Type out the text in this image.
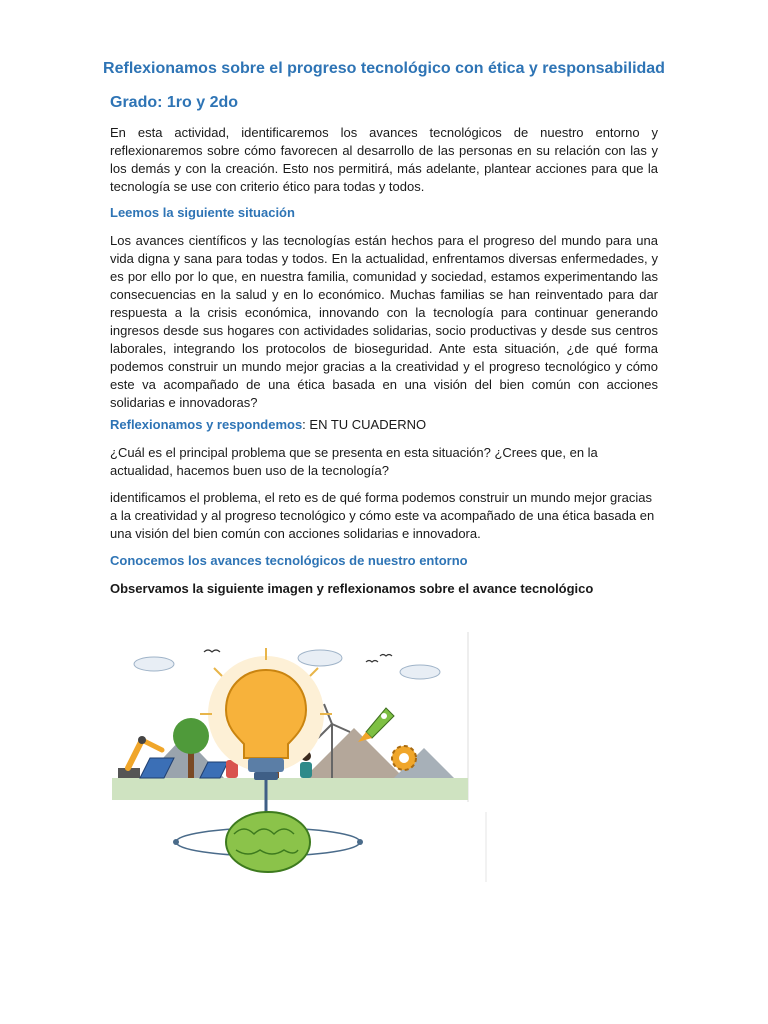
Reflexionamos sobre el progreso tecnológico con ética y responsabilidad
Grado: 1ro y 2do

En esta actividad, identificaremos los avances tecnológicos de nuestro entorno y reflexionaremos sobre cómo favorecen al desarrollo de las personas en su relación con las y los demás y con la creación. Esto nos permitirá, más adelante, plantear acciones para que la tecnología se use con criterio ético para todas y todos.

Leemos la siguiente situación

Los avances científicos y las tecnologías están hechos para el progreso del mundo para una vida digna y sana para todas y todos. En la actualidad, enfrentamos diversas enfermedades, y es por ello por lo que, en nuestra familia, comunidad y sociedad, estamos experimentando las consecuencias en la salud y en lo económico. Muchas familias se han reinventado para dar respuesta a la crisis económica, innovando con la tecnología para continuar generando ingresos desde sus hogares con actividades solidarias, socio productivas y desde sus centros laborales, integrando los protocolos de bioseguridad. Ante esta situación, ¿de qué forma podemos construir un mundo mejor gracias a la creatividad y el progreso tecnológico y cómo este va acompañado de una ética basada en una visión del bien común con acciones solidarias e innovadoras?

Reflexionamos y respondemos: EN TU CUADERNO

¿Cuál es el principal problema que se presenta en esta situación? ¿Crees que, en la actualidad, hacemos buen uso de la tecnología?

identificamos el problema, el reto es de qué forma podemos construir un mundo mejor gracias a la creatividad y al progreso tecnológico y cómo este va acompañado de una ética basada en una visión del bien común con acciones solidarias e innovadora.

Conocemos los avances tecnológicos de nuestro entorno

Observamos la siguiente imagen y reflexionamos sobre el avance tecnológico
